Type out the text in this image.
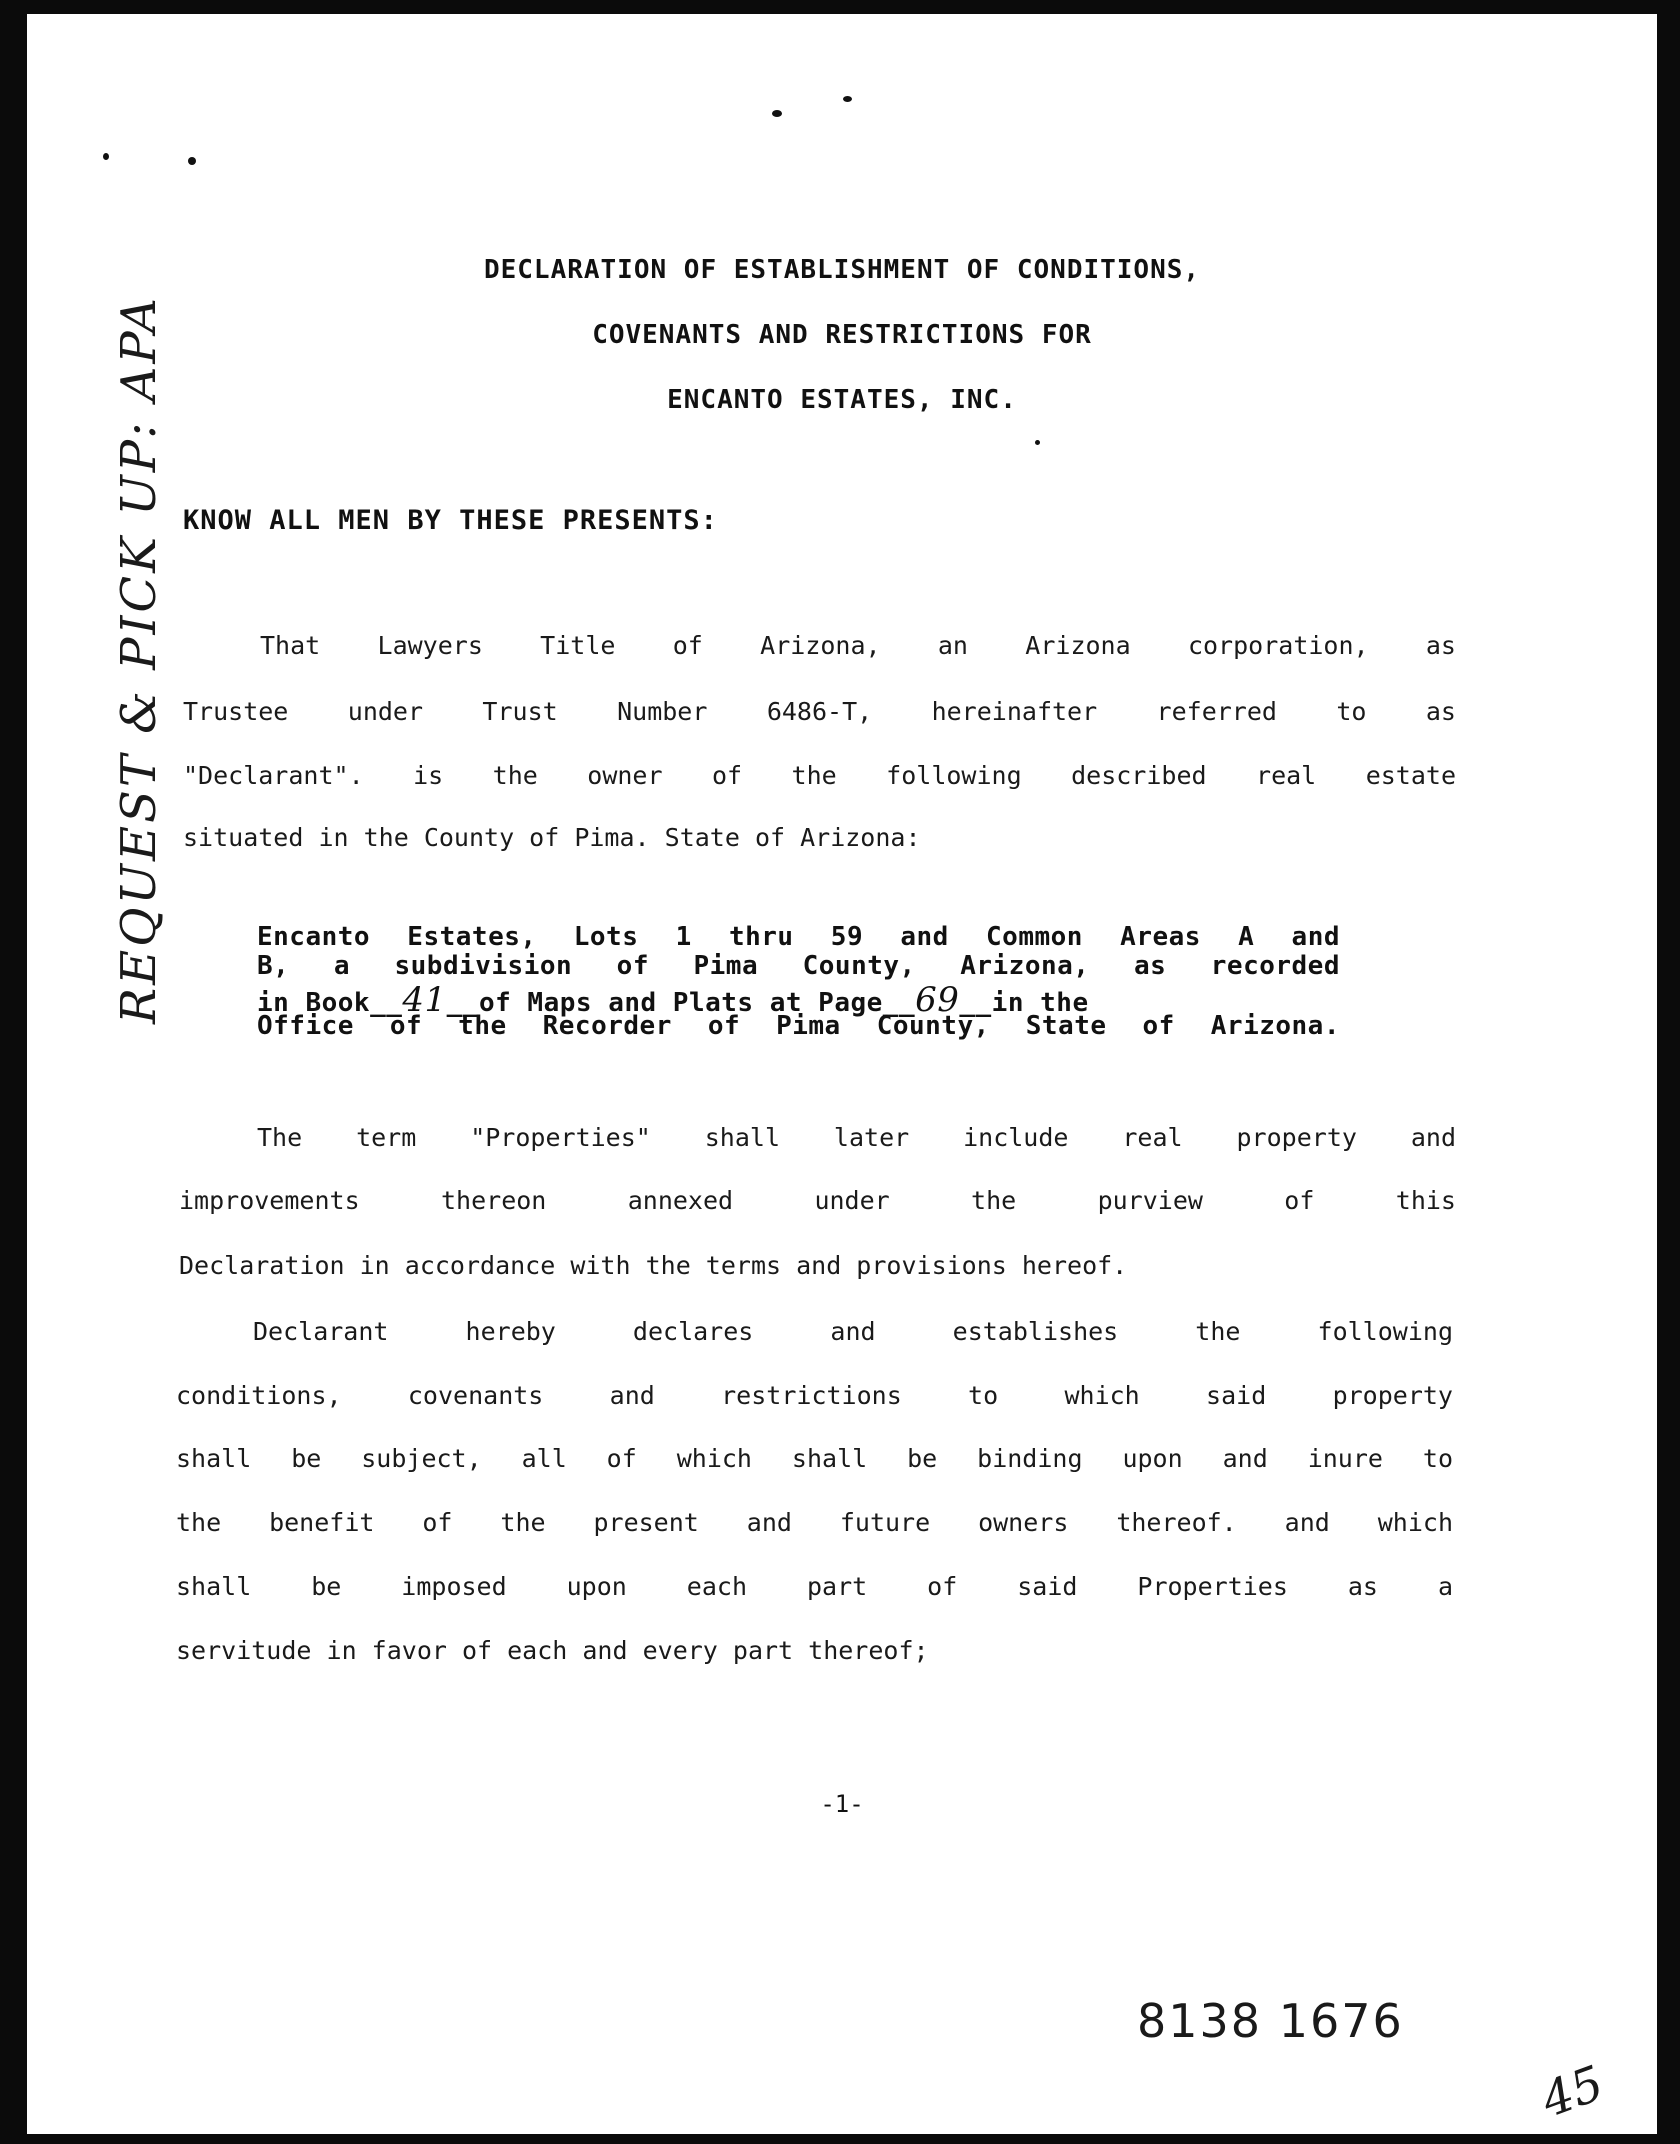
DECLARATION OF ESTABLISHMENT OF CONDITIONS,
COVENANTS AND RESTRICTIONS FOR
ENCANTO ESTATES, INC.
KNOW ALL MEN BY THESE PRESENTS:
That Lawyers Title of Arizona, an Arizona corporation, as
Trustee under Trust Number 6486-T, hereinafter referred to as
"Declarant". is the owner of the following described real estate
situated in the County of Pima. State of Arizona:
Encanto Estates, Lots 1 thru 59 and Common Areas A and
B, a subdivision of Pima County, Arizona, as recorded
in Book__41__of Maps and Plats at Page__69__in the
Office of the Recorder of Pima County, State of Arizona.
The term "Properties" shall later include real property and
improvements thereon annexed under the purview of this
Declaration in accordance with the terms and provisions hereof.
Declarant hereby declares and establishes the following
conditions, covenants and restrictions to which said property
shall be subject, all of which shall be binding upon and inure to
the benefit of the present and future owners thereof. and which
shall be imposed upon each part of said Properties as a
servitude in favor of each and every part thereof;
-1-
8138 1676
REQUEST & PICK UP: APA
45
